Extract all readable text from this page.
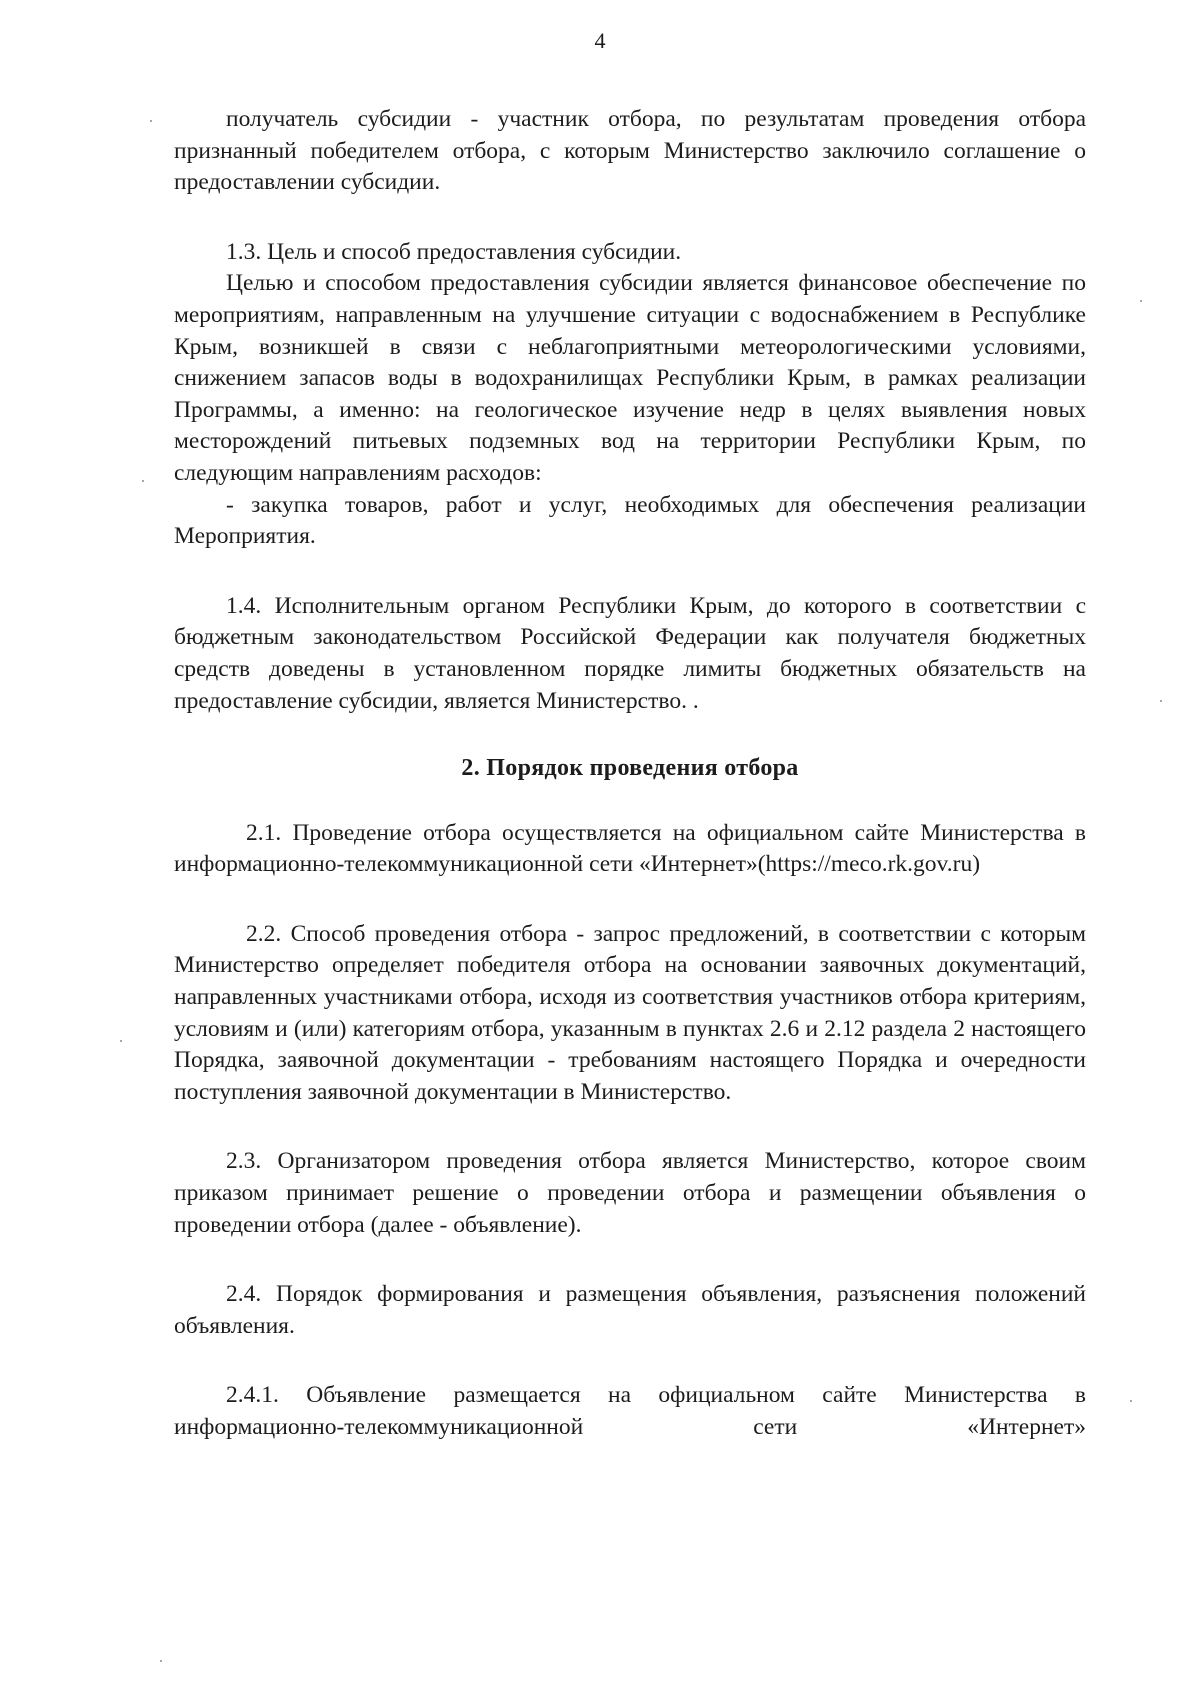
4

получатель субсидии - участник отбора, по результатам проведения отбора признанный победителем отбора, с которым Министерство заключило соглашение о предоставлении субсидии.

1.3. Цель и способ предоставления субсидии.

Целью и способом предоставления субсидии является финансовое обеспечение по мероприятиям, направленным на улучшение ситуации с водоснабжением в Республике Крым, возникшей в связи с неблагоприятными метеорологическими условиями, снижением запасов воды в водохранилищах Республики Крым, в рамках реализации Программы, а именно: на геологическое изучение недр в целях выявления новых месторождений питьевых подземных вод на территории Республики Крым, по следующим направлениям расходов:

- закупка товаров, работ и услуг, необходимых для обеспечения реализации Мероприятия.

1.4. Исполнительным органом Республики Крым, до которого в соответствии с бюджетным законодательством Российской Федерации как получателя бюджетных средств доведены в установленном порядке лимиты бюджетных обязательств на предоставление субсидии, является Министерство. .

2. Порядок проведения отбора

2.1. Проведение отбора осуществляется на официальном сайте Министерства в информационно-телекоммуникационной сети «Интернет»(https://meco.rk.gov.ru)

2.2. Способ проведения отбора - запрос предложений, в соответствии с которым Министерство определяет победителя отбора на основании заявочных документаций, направленных участниками отбора, исходя из соответствия участников отбора критериям, условиям и (или) категориям отбора, указанным в пунктах 2.6 и 2.12 раздела 2 настоящего Порядка, заявочной документации - требованиям настоящего Порядка и очередности поступления заявочной документации в Министерство.

2.3. Организатором проведения отбора является Министерство, которое своим приказом принимает решение о проведении отбора и размещении объявления о проведении отбора (далее - объявление).

2.4. Порядок формирования и размещения объявления, разъяснения положений объявления.

2.4.1. Объявление размещается на официальном сайте Министерства в информационно-телекоммуникационной сети «Интернет»
